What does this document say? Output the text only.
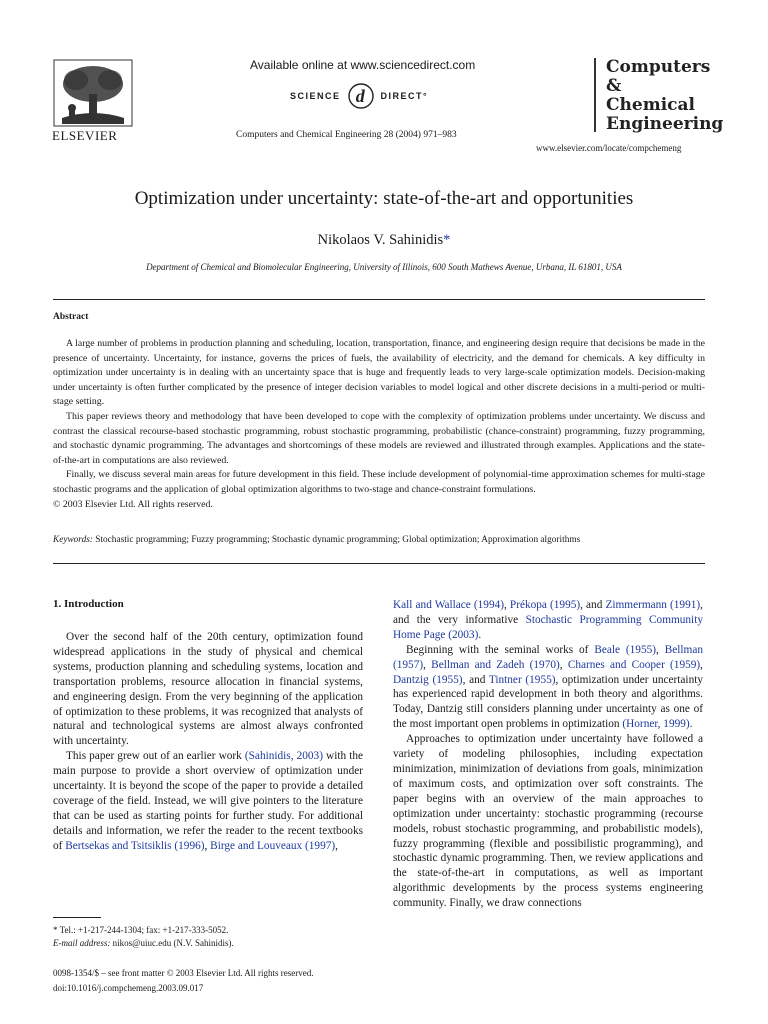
ELSEVIER
Available online at www.sciencedirect.com
SCIENCE d DIRECT°
Computers and Chemical Engineering 28 (2004) 971–983
Computers
& Chemical
Engineering
www.elsevier.com/locate/compchemeng
Optimization under uncertainty: state-of-the-art and opportunities
Nikolaos V. Sahinidis*
Department of Chemical and Biomolecular Engineering, University of Illinois, 600 South Mathews Avenue, Urbana, IL 61801, USA
Abstract

A large number of problems in production planning and scheduling, location, transportation, finance, and engineering design require that decisions be made in the presence of uncertainty. Uncertainty, for instance, governs the prices of fuels, the availability of electricity, and the demand for chemicals. A key difficulty in optimization under uncertainty is in dealing with an uncertainty space that is huge and frequently leads to very large-scale optimization models. Decision-making under uncertainty is often further complicated by the presence of integer decision variables to model logical and other discrete decisions in a multi-period or multi-stage setting.

This paper reviews theory and methodology that have been developed to cope with the complexity of optimization problems under uncertainty. We discuss and contrast the classical recourse-based stochastic programming, robust stochastic programming, probabilistic (chance-constraint) programming, fuzzy programming, and stochastic dynamic programming. The advantages and shortcomings of these models are reviewed and illustrated through examples. Applications and the state-of-the-art in computations are also reviewed.

Finally, we discuss several main areas for future development in this field. These include development of polynomial-time approximation schemes for multi-stage stochastic programs and the application of global optimization algorithms to two-stage and chance-constraint formulations.

© 2003 Elsevier Ltd. All rights reserved.

Keywords: Stochastic programming; Fuzzy programming; Stochastic dynamic programming; Global optimization; Approximation algorithms
1. Introduction

Over the second half of the 20th century, optimization found widespread applications in the study of physical and chemical systems, production planning and scheduling systems, location and transportation problems, resource allocation in financial systems, and engineering design. From the very beginning of the application of optimization to these problems, it was recognized that analysts of natural and technological systems are almost always confronted with uncertainty.

This paper grew out of an earlier work (Sahinidis, 2003) with the main purpose to provide a short overview of optimization under uncertainty. It is beyond the scope of the paper to provide a detailed coverage of the field. Instead, we will give pointers to the literature that can be used as starting points for further study. For additional details and information, we refer the reader to the recent textbooks of Bertsekas and Tsitsiklis (1996), Birge and Louveaux (1997),

* Tel.: +1-217-244-1304; fax: +1-217-333-5052.
E-mail address: nikos@uiuc.edu (N.V. Sahinidis).
0098-1354/$ – see front matter © 2003 Elsevier Ltd. All rights reserved.
doi:10.1016/j.compchemeng.2003.09.017

Kall and Wallace (1994), Prékopa (1995), and Zimmermann (1991), and the very informative Stochastic Programming Community Home Page (2003).

Beginning with the seminal works of Beale (1955), Bellman (1957), Bellman and Zadeh (1970), Charnes and Cooper (1959), Dantzig (1955), and Tintner (1955), optimization under uncertainty has experienced rapid development in both theory and algorithms. Today, Dantzig still considers planning under uncertainty as one of the most important open problems in optimization (Horner, 1999).

Approaches to optimization under uncertainty have followed a variety of modeling philosophies, including expectation minimization, minimization of deviations from goals, minimization of maximum costs, and optimization over soft constraints. The paper begins with an overview of the main approaches to optimization under uncertainty: stochastic programming (recourse models, robust stochastic programming, and probabilistic models), fuzzy programming (flexible and possibilistic programming), and stochastic dynamic programming. Then, we review applications and the state-of-the-art in computations, as well as important algorithmic developments by the process systems engineering community. Finally, we draw connections
